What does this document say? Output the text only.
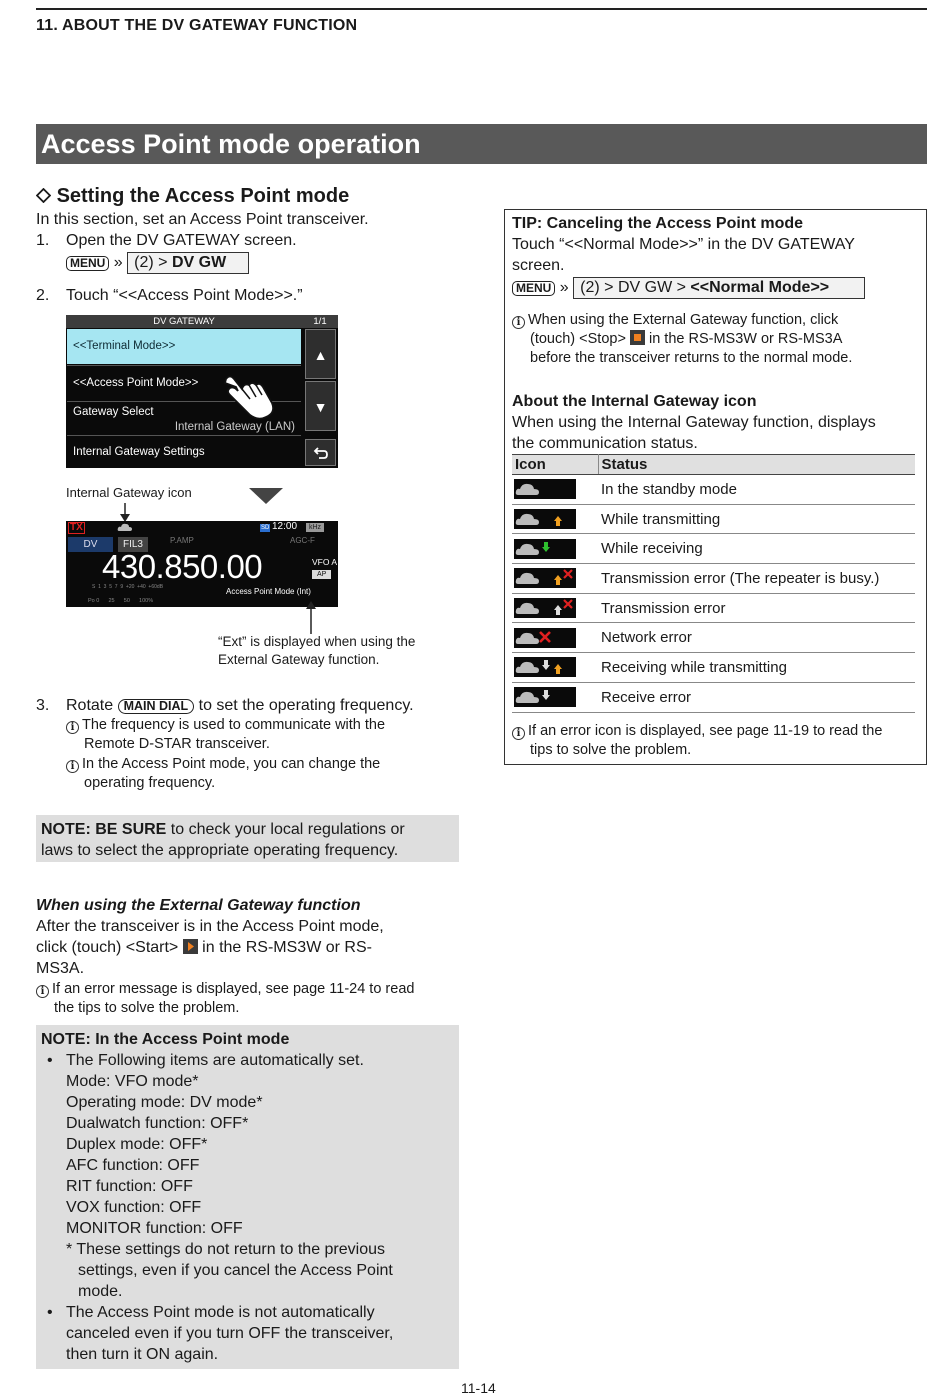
11. ABOUT THE DV GATEWAY FUNCTION
Access Point mode operation
Setting the Access Point mode
In this section, set an Access Point transceiver.
1. Open the DV GATEWAY screen.
MENU » (2) > DV GW
2. Touch “<<Access Point Mode>>.”
DV GATEWAY	1/1
<<Terminal Mode>>
<<Access Point Mode>>
Gateway Select
Internal Gateway (LAN)
Internal Gateway Settings
▲
▼
Internal Gateway icon
TX	SD 12:00	kHz
DV	FIL3	P.AMP	AGC-F
430.850.00	VFO A
AP
S  1  3  5  7  9  +20  +40  +60dB
Po 0      25      50      100%
Access Point Mode (Int)
“Ext” is displayed when using the
External Gateway function.
3. Rotate MAIN DIAL to set the operating frequency.
i The frequency is used to communicate with the
Remote D-STAR transceiver.
i In the Access Point mode, you can change the
operating frequency.
NOTE: BE SURE to check your local regulations or
laws to select the appropriate operating frequency.
When using the External Gateway function
After the transceiver is in the Access Point mode,
click (touch) <Start>  in the RS-MS3W or RS-
MS3A.
i If an error message is displayed, see page 11-24 to read
the tips to solve the problem.
NOTE: In the Access Point mode
• The Following items are automatically set.
Mode: VFO mode*
Operating mode: DV mode*
Dualwatch function: OFF*
Duplex mode: OFF*
AFC function: OFF
RIT function: OFF
VOX function: OFF
MONITOR function: OFF
* These settings do not return to the previous
settings, even if you cancel the Access Point
mode.
• The Access Point mode is not automatically
canceled even if you turn OFF the transceiver,
then turn it ON again.
TIP: Canceling the Access Point mode
Touch “<<Normal Mode>>” in the DV GATEWAY
screen.
MENU » (2) > DV GW > <<Normal Mode>>
i When using the External Gateway function, click
(touch) <Stop>  in the RS-MS3W or RS-MS3A
before the transceiver returns to the normal mode.
About the Internal Gateway icon
When using the Internal Gateway function, displays
the communication status.
Icon	Status
	In the standby mode
	While transmitting
	While receiving
	Transmission error (The repeater is busy.)
	Transmission error
	Network error
	Receiving while transmitting
	Receive error
i If an error icon is displayed, see page 11-19 to read the
tips to solve the problem.
11-14
